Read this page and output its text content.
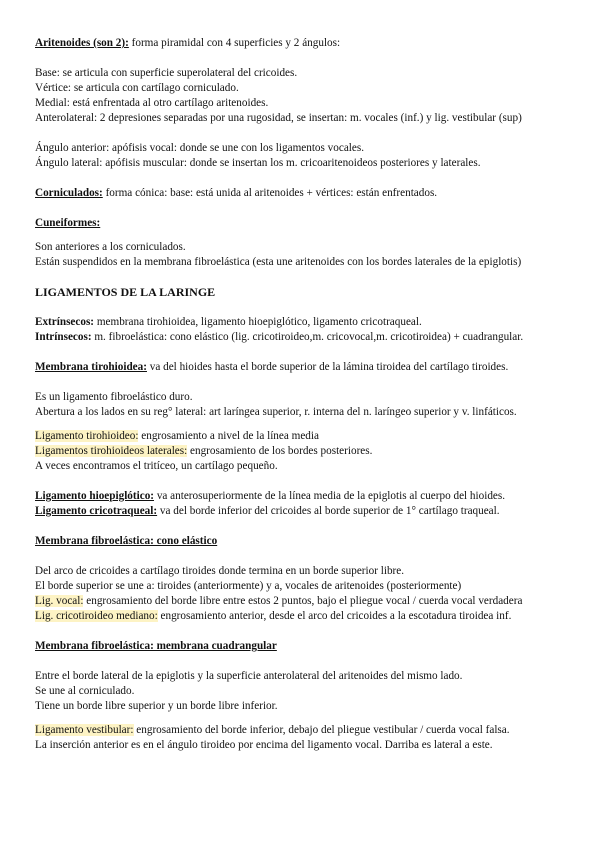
Aritenoides (son 2): forma piramidal con 4 superficies y 2 ángulos:
Base: se articula con superficie superolateral del cricoides.
Vértice: se articula con cartílago corniculado.
Medial: está enfrentada al otro cartílago aritenoides.
Anterolateral: 2 depresiones separadas por una rugosidad, se insertan: m. vocales (inf.) y lig. vestibular (sup)
Ángulo anterior: apófisis vocal: donde se une con los ligamentos vocales.
Ángulo lateral: apófisis muscular: donde se insertan los m. cricoaritenoideos posteriores y laterales.
Corniculados: forma cónica: base: está unida al aritenoides + vértices: están enfrentados.
Cuneiformes:
Son anteriores a los corniculados.
Están suspendidos en la membrana fibroelástica (esta une aritenoides con los bordes laterales de la epiglotis)
LIGAMENTOS DE LA LARINGE
Extrínsecos: membrana tirohioidea, ligamento hioepiglótico, ligamento cricotraqueal.
Intrínsecos: m. fibroelástica: cono elástico (lig. cricotiroideo,m. cricovocal,m. cricotiroidea) + cuadrangular.
Membrana tirohioidea: va del hioides hasta el borde superior de la lámina tiroidea del cartílago tiroides.
Es un ligamento fibroelástico duro.
Abertura a los lados en su reg° lateral: art laríngea superior, r. interna del n. laríngeo superior y v. linfáticos.
Ligamento tirohioideo: engrosamiento a nivel de la línea media
Ligamentos tirohioideos laterales: engrosamiento de los bordes posteriores.
A veces encontramos el tritíceo, un cartílago pequeño.
Ligamento hioepiglótico: va anterosuperiormente de la línea media de la epiglotis al cuerpo del hioides.
Ligamento cricotraqueal: va del borde inferior del cricoides al borde superior de 1° cartílago traqueal.
Membrana fibroelástica: cono elástico
Del arco de cricoides a cartílago tiroides donde termina en un borde superior libre.
El borde superior se une a: tiroides (anteriormente) y a, vocales de aritenoides (posteriormente)
Lig. vocal: engrosamiento del borde libre entre estos 2 puntos, bajo el pliegue vocal / cuerda vocal verdadera
Lig. cricotiroideo mediano: engrosamiento anterior, desde el arco del cricoides a la escotadura tiroidea inf.
Membrana fibroelástica: membrana cuadrangular
Entre el borde lateral de la epiglotis y la superficie anterolateral del aritenoides del mismo lado.
Se une al corniculado.
Tiene un borde libre superior y un borde libre inferior.
Ligamento vestibular: engrosamiento del borde inferior, debajo del pliegue vestibular / cuerda vocal falsa.
La inserción anterior es en el ángulo tiroideo por encima del ligamento vocal. Darriba es lateral a este.
